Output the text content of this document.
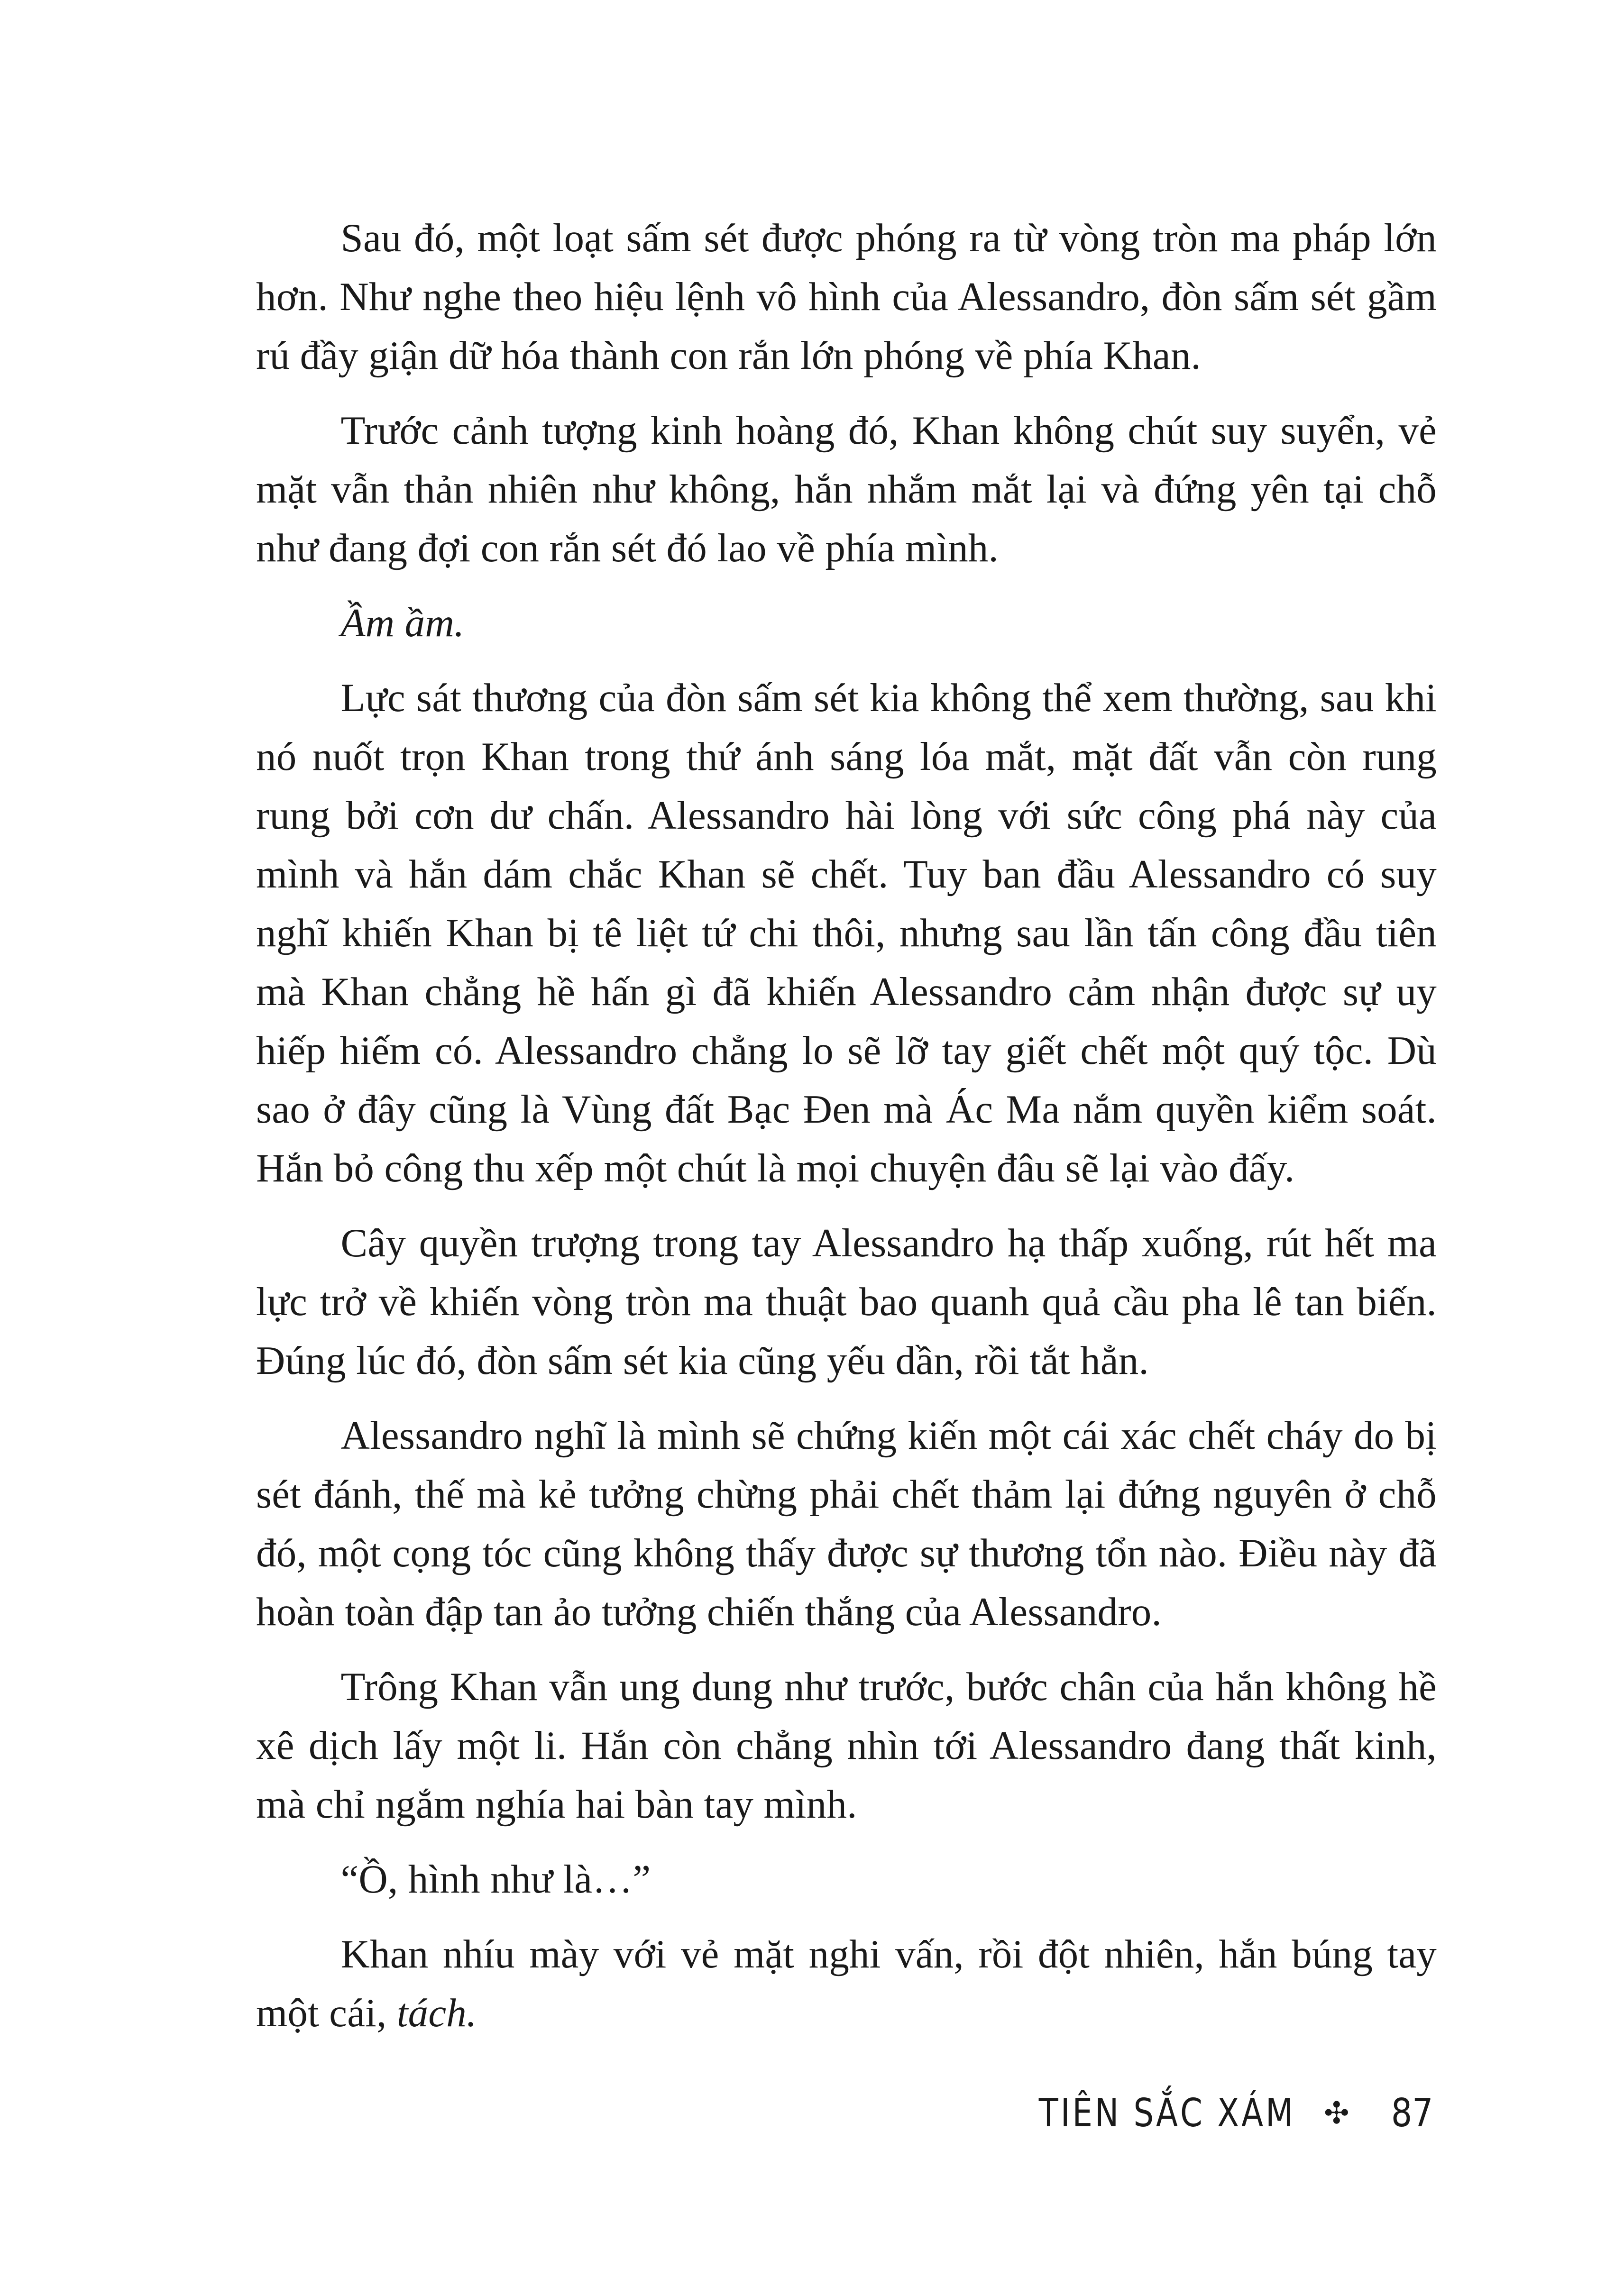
Sau đó, một loạt sấm sét được phóng ra từ vòng tròn ma pháp lớn hơn. Như nghe theo hiệu lệnh vô hình của Alessandro, đòn sấm sét gầm rú đầy giận dữ hóa thành con rắn lớn phóng về phía Khan.

Trước cảnh tượng kinh hoàng đó, Khan không chút suy suyển, vẻ mặt vẫn thản nhiên như không, hắn nhắm mắt lại và đứng yên tại chỗ như đang đợi con rắn sét đó lao về phía mình.

Ầm ầm.

Lực sát thương của đòn sấm sét kia không thể xem thường, sau khi nó nuốt trọn Khan trong thứ ánh sáng lóa mắt, mặt đất vẫn còn rung rung bởi cơn dư chấn. Alessandro hài lòng với sức công phá này của mình và hắn dám chắc Khan sẽ chết. Tuy ban đầu Alessandro có suy nghĩ khiến Khan bị tê liệt tứ chi thôi, nhưng sau lần tấn công đầu tiên mà Khan chẳng hề hấn gì đã khiến Alessandro cảm nhận được sự uy hiếp hiếm có. Alessandro chẳng lo sẽ lỡ tay giết chết một quý tộc. Dù sao ở đây cũng là Vùng đất Bạc Đen mà Ác Ma nắm quyền kiểm soát. Hắn bỏ công thu xếp một chút là mọi chuyện đâu sẽ lại vào đấy.

Cây quyền trượng trong tay Alessandro hạ thấp xuống, rút hết ma lực trở về khiến vòng tròn ma thuật bao quanh quả cầu pha lê tan biến. Đúng lúc đó, đòn sấm sét kia cũng yếu dần, rồi tắt hẳn.

Alessandro nghĩ là mình sẽ chứng kiến một cái xác chết cháy do bị sét đánh, thế mà kẻ tưởng chừng phải chết thảm lại đứng nguyên ở chỗ đó, một cọng tóc cũng không thấy được sự thương tổn nào. Điều này đã hoàn toàn đập tan ảo tưởng chiến thắng của Alessandro.

Trông Khan vẫn ung dung như trước, bước chân của hắn không hề xê dịch lấy một li. Hắn còn chẳng nhìn tới Alessandro đang thất kinh, mà chỉ ngắm nghía hai bàn tay mình.

“Ồ, hình như là…”

Khan nhíu mày với vẻ mặt nghi vấn, rồi đột nhiên, hắn búng tay một cái, tách.

TIÊN SẮC XÁM ✣ 87
